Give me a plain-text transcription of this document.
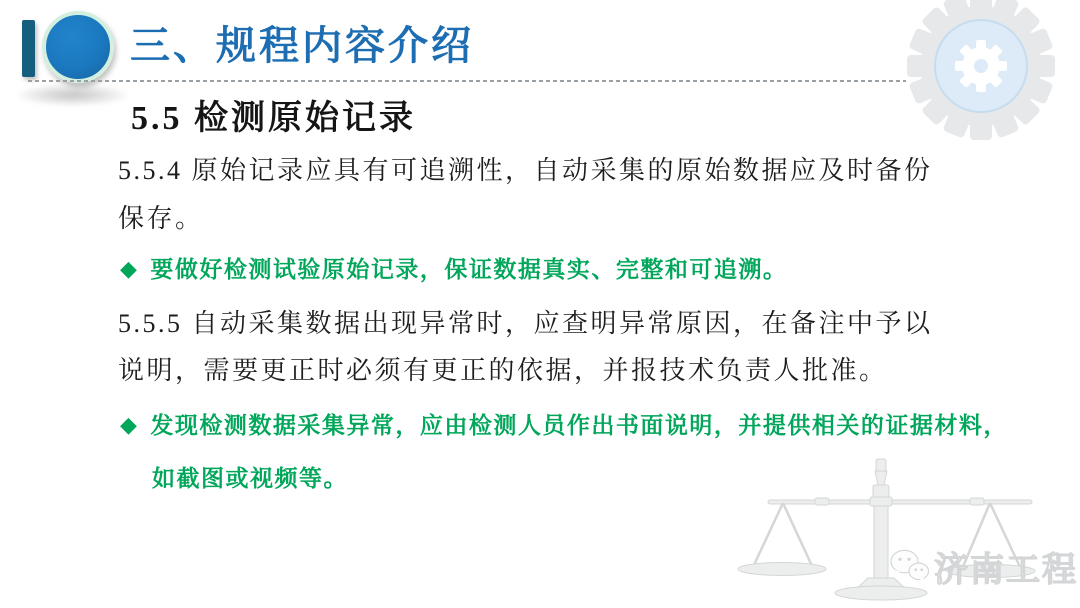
三、规程内容介绍
5.5 检测原始记录
5.5.4 原始记录应具有可追溯性，自动采集的原始数据应及时备份
保存。
◆ 要做好检测试验原始记录，保证数据真实、完整和可追溯。
5.5.5 自动采集数据出现异常时，应查明异常原因，在备注中予以
说明，需要更正时必须有更正的依据，并报技术负责人批准。
◆ 发现检测数据采集异常，应由检测人员作出书面说明，并提供相关的证据材料，
如截图或视频等。
济南工程
